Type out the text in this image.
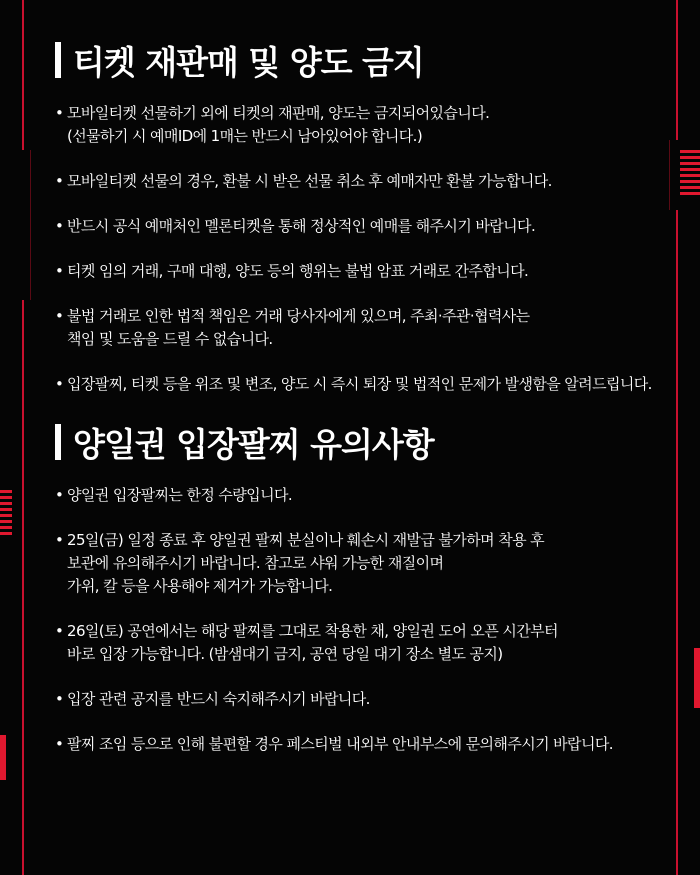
티켓 재판매 및 양도 금지
• 모바일티켓 선물하기 외에 티켓의 재판매, 양도는 금지되어있습니다.
(선물하기 시 예매ID에 1매는 반드시 남아있어야 합니다.)
• 모바일티켓 선물의 경우, 환불 시 받은 선물 취소 후 예매자만 환불 가능합니다.
• 반드시 공식 예매처인 멜론티켓을 통해 정상적인 예매를 해주시기 바랍니다.
• 티켓 임의 거래, 구매 대행, 양도 등의 행위는 불법 암표 거래로 간주합니다.
• 불법 거래로 인한 법적 책임은 거래 당사자에게 있으며, 주최·주관·협력사는
책임 및 도움을 드릴 수 없습니다.
• 입장팔찌, 티켓 등을 위조 및 변조, 양도 시 즉시 퇴장 및 법적인 문제가 발생함을 알려드립니다.
양일권 입장팔찌 유의사항
• 양일권 입장팔찌는 한정 수량입니다.
• 25일(금) 일정 종료 후 양일권 팔찌 분실이나 훼손시 재발급 불가하며 착용 후
보관에 유의해주시기 바랍니다. 참고로 샤워 가능한 재질이며
가위, 칼 등을 사용해야 제거가 가능합니다.
• 26일(토) 공연에서는 해당 팔찌를 그대로 착용한 채, 양일권 도어 오픈 시간부터
바로 입장 가능합니다. (밤샘대기 금지, 공연 당일 대기 장소 별도 공지)
• 입장 관련 공지를 반드시 숙지해주시기 바랍니다.
• 팔찌 조임 등으로 인해 불편할 경우 페스티벌 내외부 안내부스에 문의해주시기 바랍니다.
